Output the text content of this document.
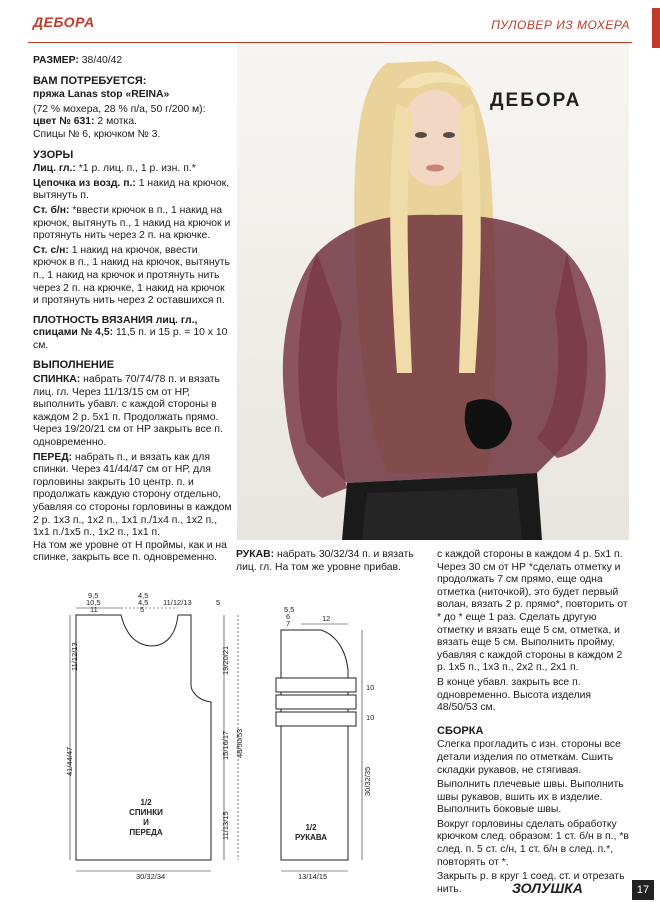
ДЕБОРА	ПУЛОВЕР ИЗ МОХЕРА

РАЗМЕР: 38/40/42

ВАМ ПОТРЕБУЕТСЯ:

пряжа Lanas stop «REINA»

(72 % мохера, 28 % п/а, 50 г/200 м):

цвет № 631: 2 мотка.

Спицы № 6, крючком № 3.

УЗОРЫ

Лиц. гл.: *1 р. лиц. п., 1 р. изн. п.*

Цепочка из возд. п.: 1 накид на крючок, вытянуть п.

Ст. б/н: *ввести крючок в п., 1 накид на крючок, вытянуть п., 1 накид на крючок и протянуть нить через 2 п. на крючке.

Ст. с/н: 1 накид на крючок, ввести крючок в п., 1 накид на крючок, вытянуть п., 1 накид на крючок и протянуть нить через 2 п. на крючке, 1 накид на крючок и протянуть нить через 2 оставшихся п.

ПЛОТНОСТЬ ВЯЗАНИЯ лиц. гл., спицами № 4,5: 11,5 п. и 15 р. = 10 х 10 см.

ВЫПОЛНЕНИЕ

СПИНКА: набрать 70/74/78 п. и вязать лиц. гл. Через 11/13/15 см от НР, выполнить убавл. с каждой стороны в каждом 2 р. 5х1 п. Продолжать прямо. Через 19/20/21 см от НР закрыть все п. одновременно.

ПЕРЕД: набрать п., и вязать как для спинки. Через 41/44/47 см от НР, для горловины закрыть 10 центр. п. и продолжать каждую сторону отдельно, убавляя со стороны горловины в каждом 2 р. 1х3 п., 1х2 п., 1х1 п./1х4 п., 1х2 п., 1х1 п./1х5 п., 1х2 п., 1х1 п.

На том же уровне от Н проймы, как и на спинке, закрыть все п. одновременно.

ДЕБОРА
РУКАВ: набрать 30/32/34 п. и вязать лиц. гл. На том же уровне прибав.

с каждой стороны в каждом 4 р. 5х1 п. Через 30 см от НР *сделать отметку и продолжать 7 см прямо, еще одна отметка (ниточкой), это будет первый волан, вязать 2 р. прямо*, повторить от * до * еще 1 раз. Сделать другую отметку и вязать еще 5 см, отметка, и вязать еще 5 см. Выполнить пройму, убавляя с каждой стороны в каждом 2 р. 1х5 п., 1х3 п., 2х2 п., 2х1 п.

В конце убавл. закрыть все п. одновременно. Высота изделия 48/50/53 см.

СБОРКА

Слегка прогладить с изн. стороны все детали изделия по отметкам. Сшить складки рукавов, не стягивая.

Выполнить плечевые швы. Выполнить швы рукавов, вшить их в изделие. Выполнить боковые швы.

Вокруг горловины сделать обработку крючком след. образом: 1 ст. б/н в п., *в след. п. 5 ст. с/н, 1 ст. б/н в след. п.*, повторять от *.

Закрыть р. в круг 1 соед. ст. и отрезать нить.

9,5
10,5
11
4,5
4,5
5
11/12/13	5
11/12/13
41/44/47
19/20/21
15/16/17
11/13/15
48/50/53
1/2
СПИНКИ
И
ПЕРЕДА
30/32/34
5,5
6
7
12
10
10
30/32/35
1/2
РУКАВА
13/14/15
ЗОЛУШКА	17
